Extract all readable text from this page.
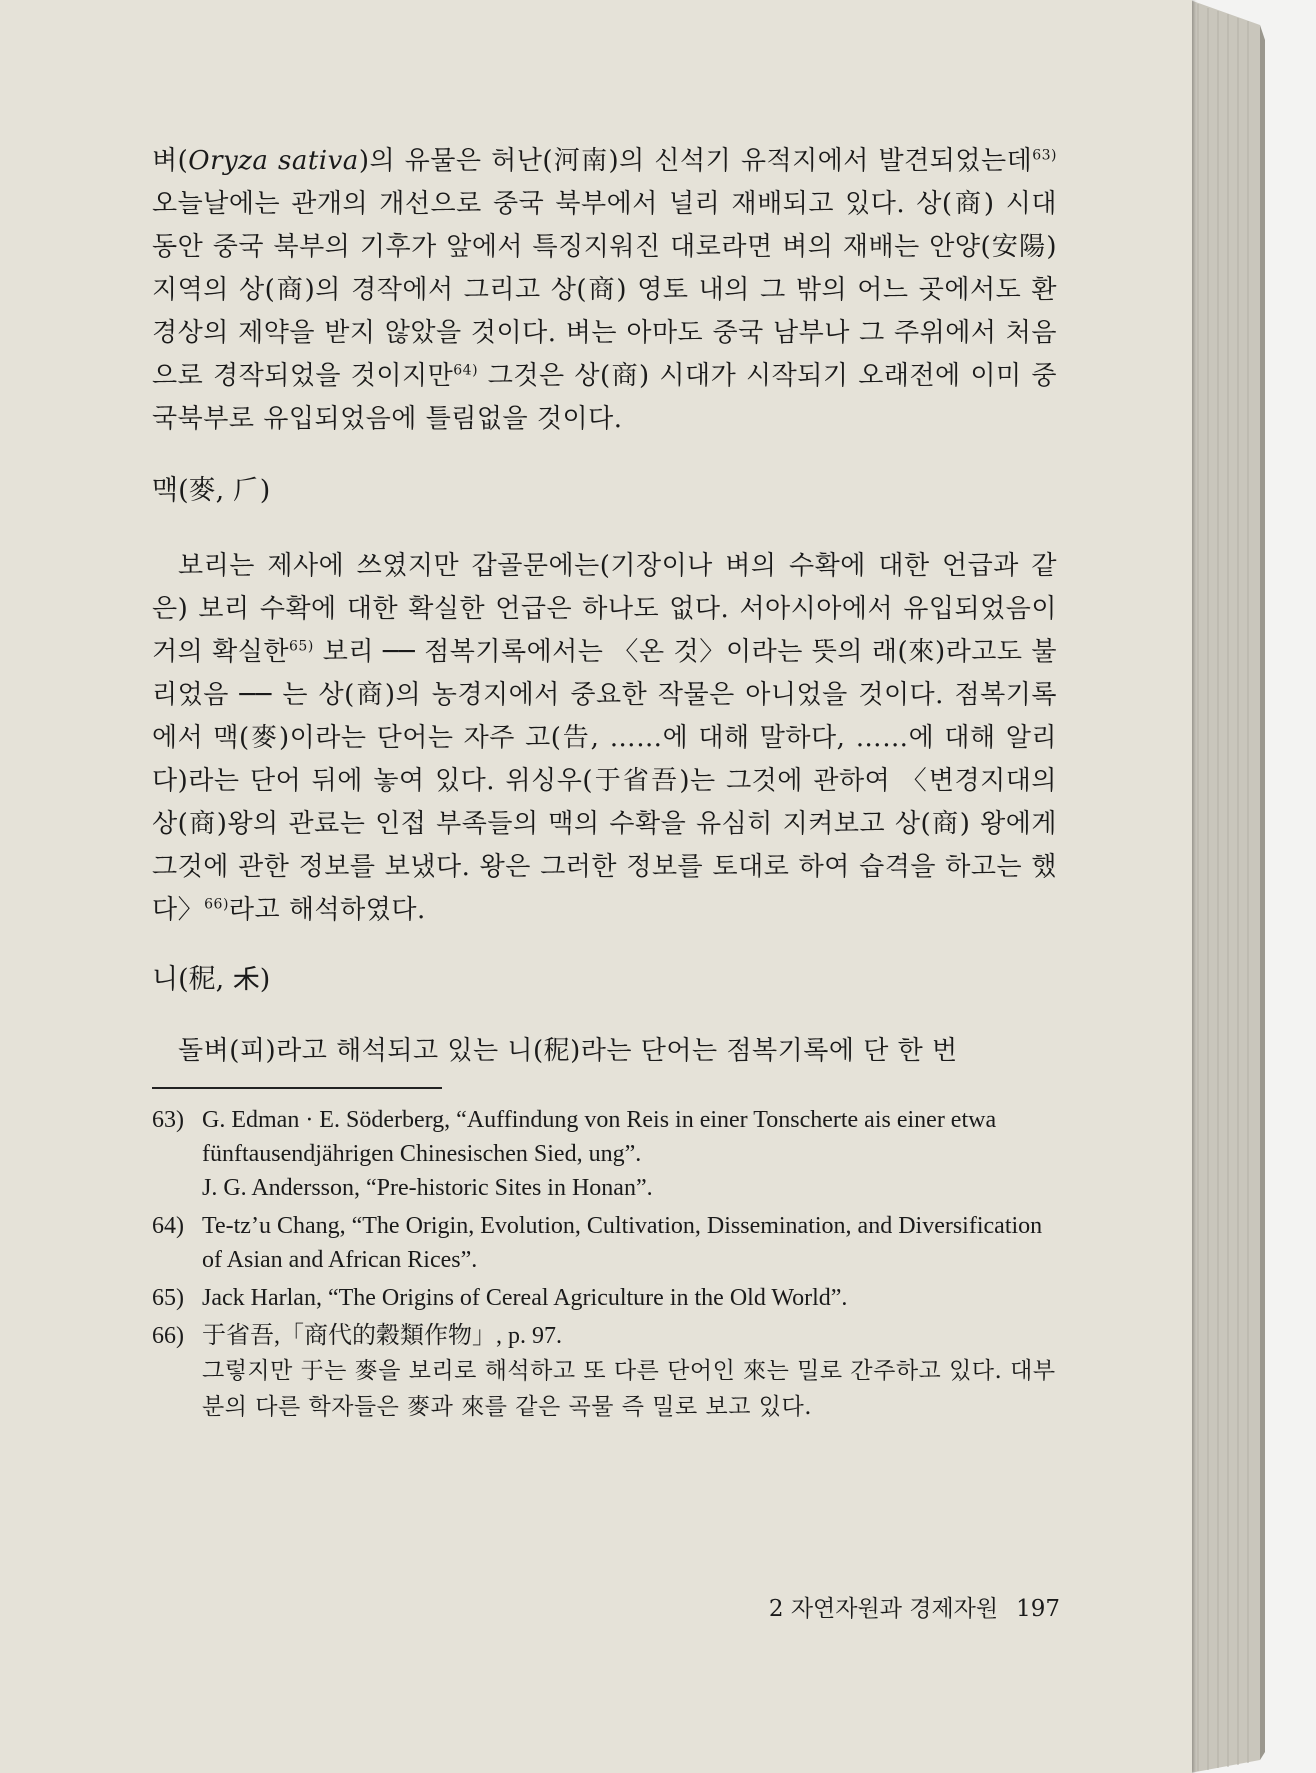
벼(Oryza sativa)의 유물은 허난(河南)의 신석기 유적지에서 발견되었는데$^{63)}$ 오늘날에는 관개의 개선으로 중국 북부에서 널리 재배되고 있다. 상(商) 시대 동안 중국 북부의 기후가 앞에서 특징지워진 대로라면 벼의 재배는 안양(安陽)지역의 상(商)의 경작에서 그리고 상(商) 영토 내의 그 밖의 어느 곳에서도 환경상의 제약을 받지 않았을 것이다. 벼는 아마도 중국 남부나 그 주위에서 처음으로 경작되었을 것이지만$^{64)}$ 그것은 상(商) 시대가 시작되기 오래전에 이미 중국북부로 유입되었음에 틀림없을 것이다.

맥(麥, 𠂆)

보리는 제사에 쓰였지만 갑골문에는(기장이나 벼의 수확에 대한 언급과 같은) 보리 수확에 대한 확실한 언급은 하나도 없다. 서아시아에서 유입되었음이 거의 확실한$^{65)}$ 보리 ── 점복기록에서는 〈온 것〉이라는 뜻의 래(來)라고도 불리었음 ── 는 상(商)의 농경지에서 중요한 작물은 아니었을 것이다. 점복기록에서 맥(麥)이라는 단어는 자주 고(告, ……에 대해 말하다, ……에 대해 알리다)라는 단어 뒤에 놓여 있다. 위싱우(于省吾)는 그것에 관하여 〈변경지대의 상(商)왕의 관료는 인접 부족들의 맥의 수확을 유심히 지켜보고 상(商) 왕에게 그것에 관한 정보를 보냈다. 왕은 그러한 정보를 토대로 하여 습격을 하고는 했다〉$^{66)}$라고 해석하였다.

니(秜, 𥝌)

돌벼(피)라고 해석되고 있는 니(秜)라는 단어는 점복기록에 단 한 번

63) G. Edman · E. Söderberg, “Auffindung von Reis in einer Tonscherte ais einer etwa fünftausendjährigen Chinesischen Sied, ung”.
J. G. Andersson, “Pre-historic Sites in Honan”.
64) Te-tz’u Chang, “The Origin, Evolution, Cultivation, Dissemination, and Diversification of Asian and African Rices”.
65) Jack Harlan, “The Origins of Cereal Agriculture in the Old World”.
66) 于省吾,「商代的穀類作物」, p. 97.
그렇지만 于는 麥을 보리로 해석하고 또 다른 단어인 來는 밀로 간주하고 있다. 대부분의 다른 학자들은 麥과 來를 같은 곡물 즉 밀로 보고 있다.
2 자연자원과 경제자원 197
